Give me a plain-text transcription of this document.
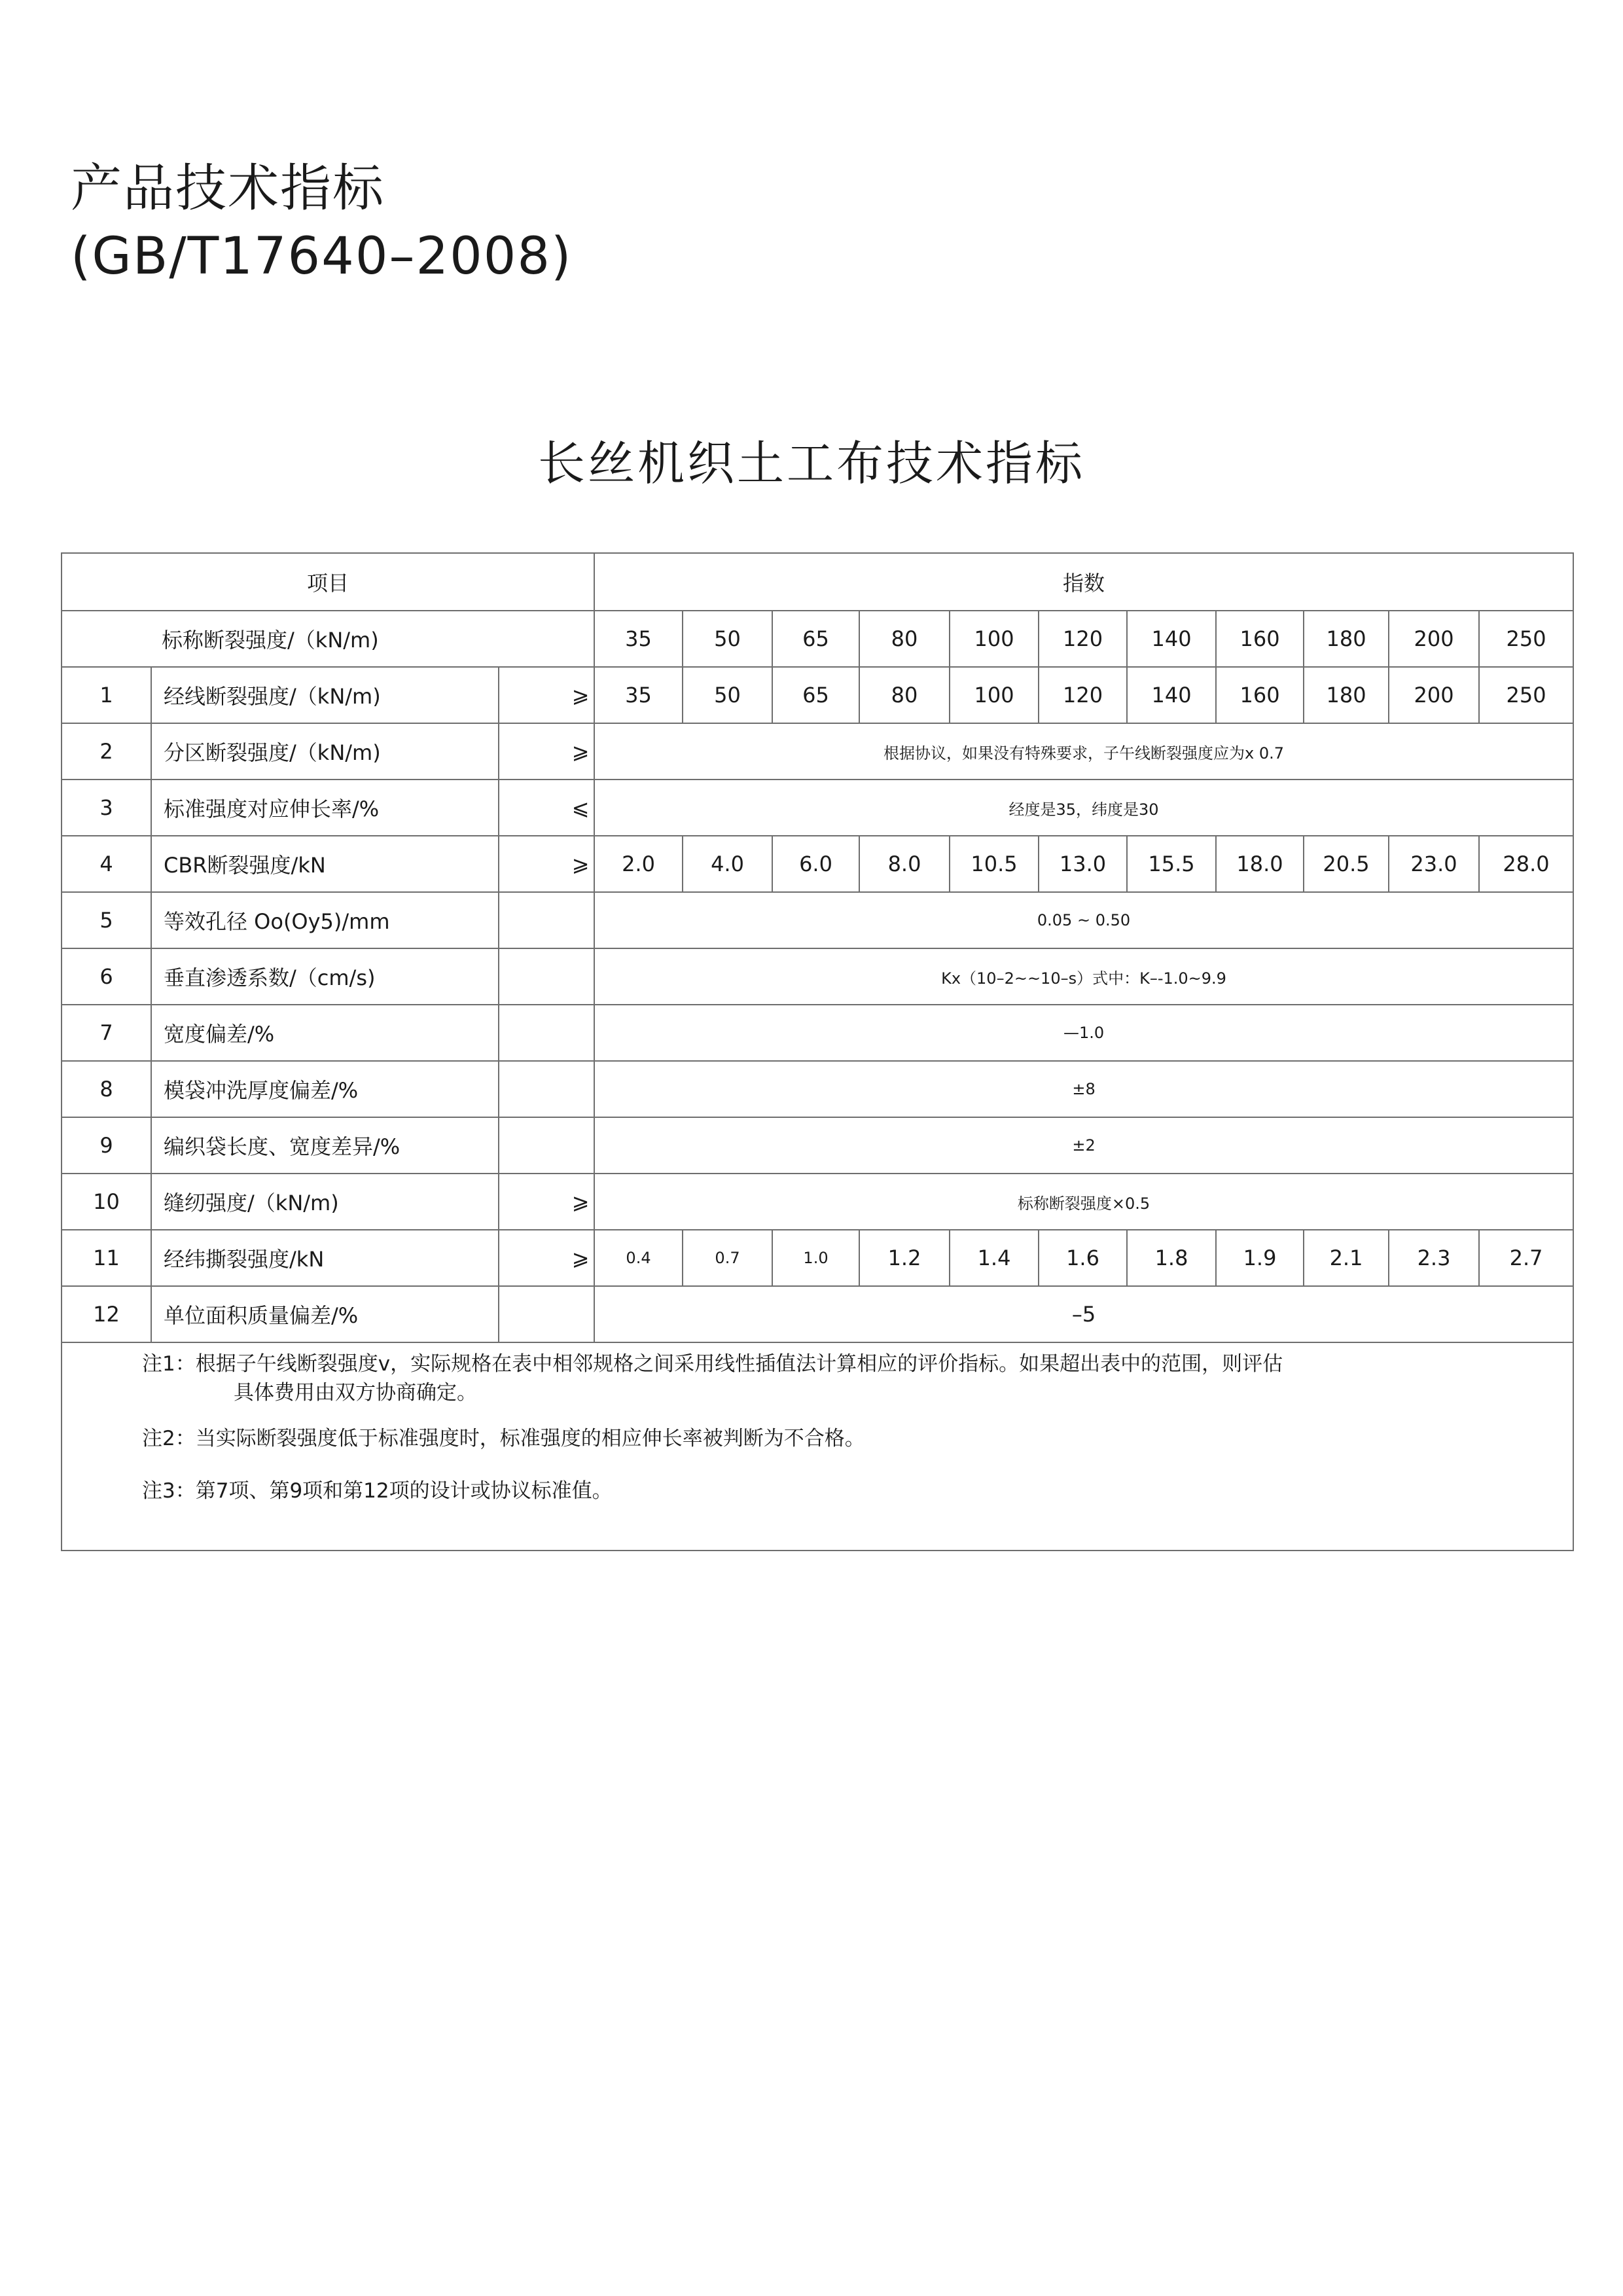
产品技术指标
(GB/T17640–2008)
长丝机织土工布技术指标
项目			指数										
标称断裂强度/（kN/m)			35	50	65	80	100	120	140	160	180	200	250
1	经线断裂强度/（kN/m)	⩾	35	50	65	80	100	120	140	160	180	200	250
2	分区断裂强度/（kN/m)	⩾	根据协议，如果没有特殊要求，子午线断裂强度应为x 0.7										
3	标准强度对应伸长率/%	⩽	经度是35，纬度是30										
4	CBR断裂强度/kN	⩾	2.0	4.0	6.0	8.0	10.5	13.0	15.5	18.0	20.5	23.0	28.0
5	等效孔径 Oo(Oy5)/mm		0.05 ~ 0.50										
6	垂直渗透系数/（cm/s)		Kx（10–2~~10–s）式中：K–-1.0~9.9										
7	宽度偏差/%		—1.0										
8	模袋冲洗厚度偏差/%		±8										
9	编织袋长度、宽度差异/%		±2										
10	缝纫强度/（kN/m)	⩾	标称断裂强度×0.5										
11	经纬撕裂强度/kN	⩾	0.4	0.7	1.0	1.2	1.4	1.6	1.8	1.9	2.1	2.3	2.7
12	单位面积质量偏差/%		–5										

注1：根据子午线断裂强度v，实际规格在表中相邻规格之间采用线性插值法计算相应的评价指标。如果超出表中的范围，则评估
具体费用由双方协商确定。

注2：当实际断裂强度低于标准强度时，标准强度的相应伸长率被判断为不合格。

注3：第7项、第9项和第12项的设计或协议标准值。													
